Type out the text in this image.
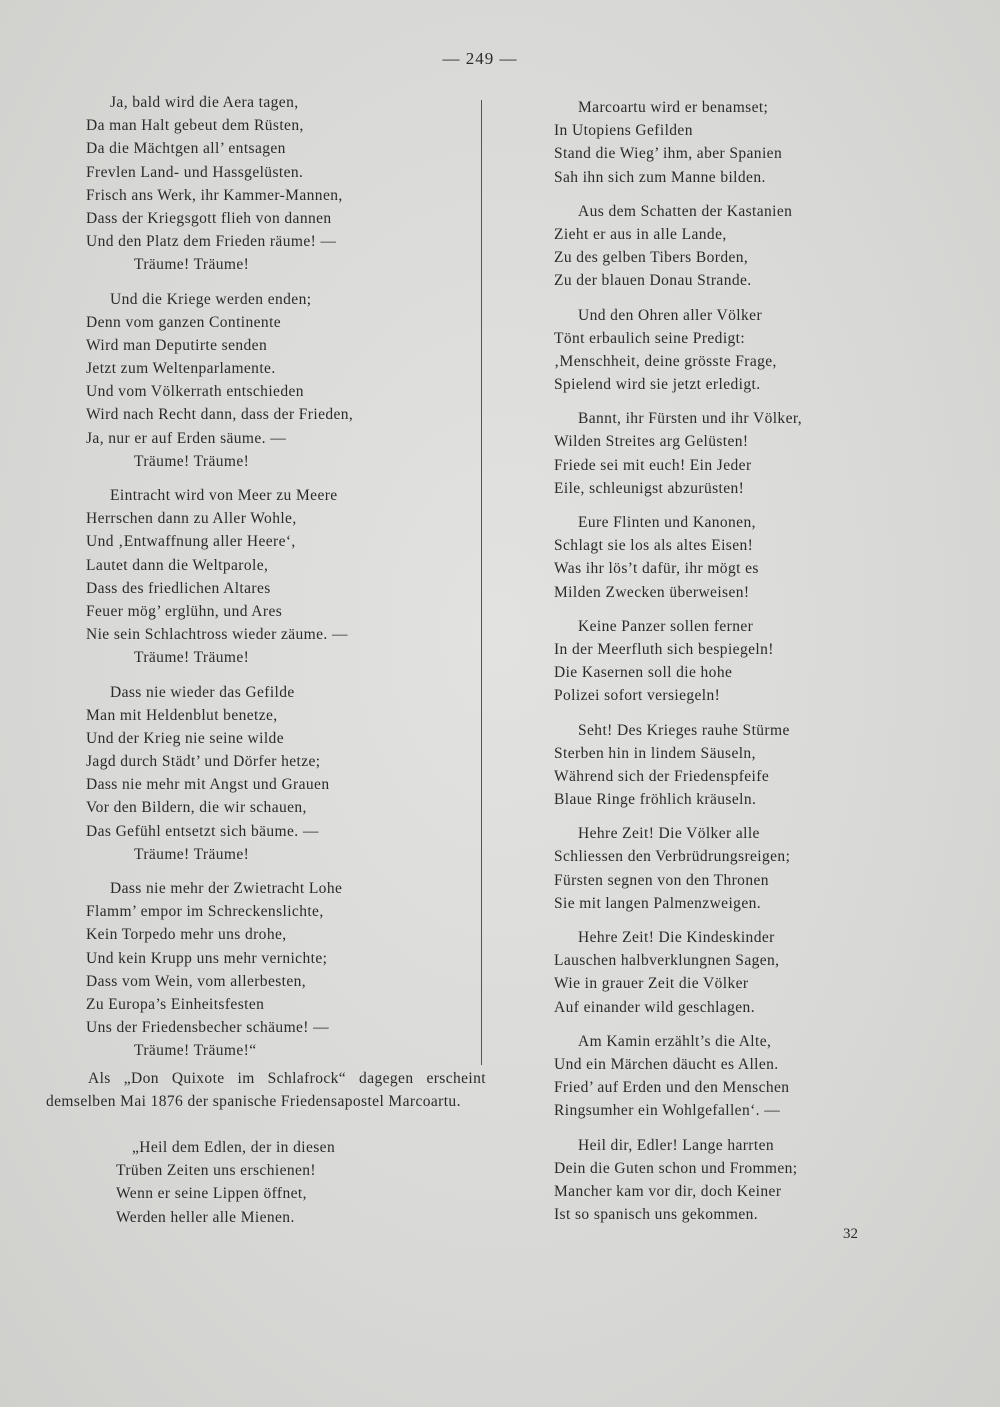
— 249 —
Ja, bald wird die Aera tagen,
Da man Halt gebeut dem Rüsten,
Da die Mächtgen all’ entsagen
Frevlen Land- und Hassgelüsten.
Frisch ans Werk, ihr Kammer-Mannen,
Dass der Kriegsgott flieh von dannen
Und den Platz dem Frieden räume! —
Träume! Träume!
Und die Kriege werden enden;
Denn vom ganzen Continente
Wird man Deputirte senden
Jetzt zum Weltenparlamente.
Und vom Völkerrath entschieden
Wird nach Recht dann, dass der Frieden,
Ja, nur er auf Erden säume. —
Träume! Träume!
Eintracht wird von Meer zu Meere
Herrschen dann zu Aller Wohle,
Und ‚Entwaffnung aller Heere‘,
Lautet dann die Weltparole,
Dass des friedlichen Altares
Feuer mög’ erglühn, und Ares
Nie sein Schlachtross wieder zäume. —
Träume! Träume!
Dass nie wieder das Gefilde
Man mit Heldenblut benetze,
Und der Krieg nie seine wilde
Jagd durch Städt’ und Dörfer hetze;
Dass nie mehr mit Angst und Grauen
Vor den Bildern, die wir schauen,
Das Gefühl entsetzt sich bäume. —
Träume! Träume!
Dass nie mehr der Zwietracht Lohe
Flamm’ empor im Schreckenslichte,
Kein Torpedo mehr uns drohe,
Und kein Krupp uns mehr vernichte;
Dass vom Wein, vom allerbesten,
Zu Europa’s Einheitsfesten
Uns der Friedensbecher schäume! —
Träume! Träume!“
Als „Don Quixote im Schlafrock“ dagegen erscheint demselben Mai 1876 der spanische Friedensapostel Marcoartu.
„Heil dem Edlen, der in diesen
Trüben Zeiten uns erschienen!
Wenn er seine Lippen öffnet,
Werden heller alle Mienen.
Marcoartu wird er benamset;
In Utopiens Gefilden
Stand die Wieg’ ihm, aber Spanien
Sah ihn sich zum Manne bilden.
Aus dem Schatten der Kastanien
Zieht er aus in alle Lande,
Zu des gelben Tibers Borden,
Zu der blauen Donau Strande.
Und den Ohren aller Völker
Tönt erbaulich seine Predigt:
‚Menschheit, deine grösste Frage,
Spielend wird sie jetzt erledigt.
Bannt, ihr Fürsten und ihr Völker,
Wilden Streites arg Gelüsten!
Friede sei mit euch! Ein Jeder
Eile, schleunigst abzurüsten!
Eure Flinten und Kanonen,
Schlagt sie los als altes Eisen!
Was ihr lös’t dafür, ihr mögt es
Milden Zwecken überweisen!
Keine Panzer sollen ferner
In der Meerfluth sich bespiegeln!
Die Kasernen soll die hohe
Polizei sofort versiegeln!
Seht! Des Krieges rauhe Stürme
Sterben hin in lindem Säuseln,
Während sich der Friedenspfeife
Blaue Ringe fröhlich kräuseln.
Hehre Zeit! Die Völker alle
Schliessen den Verbrüdrungsreigen;
Fürsten segnen von den Thronen
Sie mit langen Palmenzweigen.
Hehre Zeit! Die Kindeskinder
Lauschen halbverklungnen Sagen,
Wie in grauer Zeit die Völker
Auf einander wild geschlagen.
Am Kamin erzählt’s die Alte,
Und ein Märchen däucht es Allen.
Fried’ auf Erden und den Menschen
Ringsumher ein Wohlgefallen‘. —
Heil dir, Edler! Lange harrten
Dein die Guten schon und Frommen;
Mancher kam vor dir, doch Keiner
Ist so spanisch uns gekommen.
32
